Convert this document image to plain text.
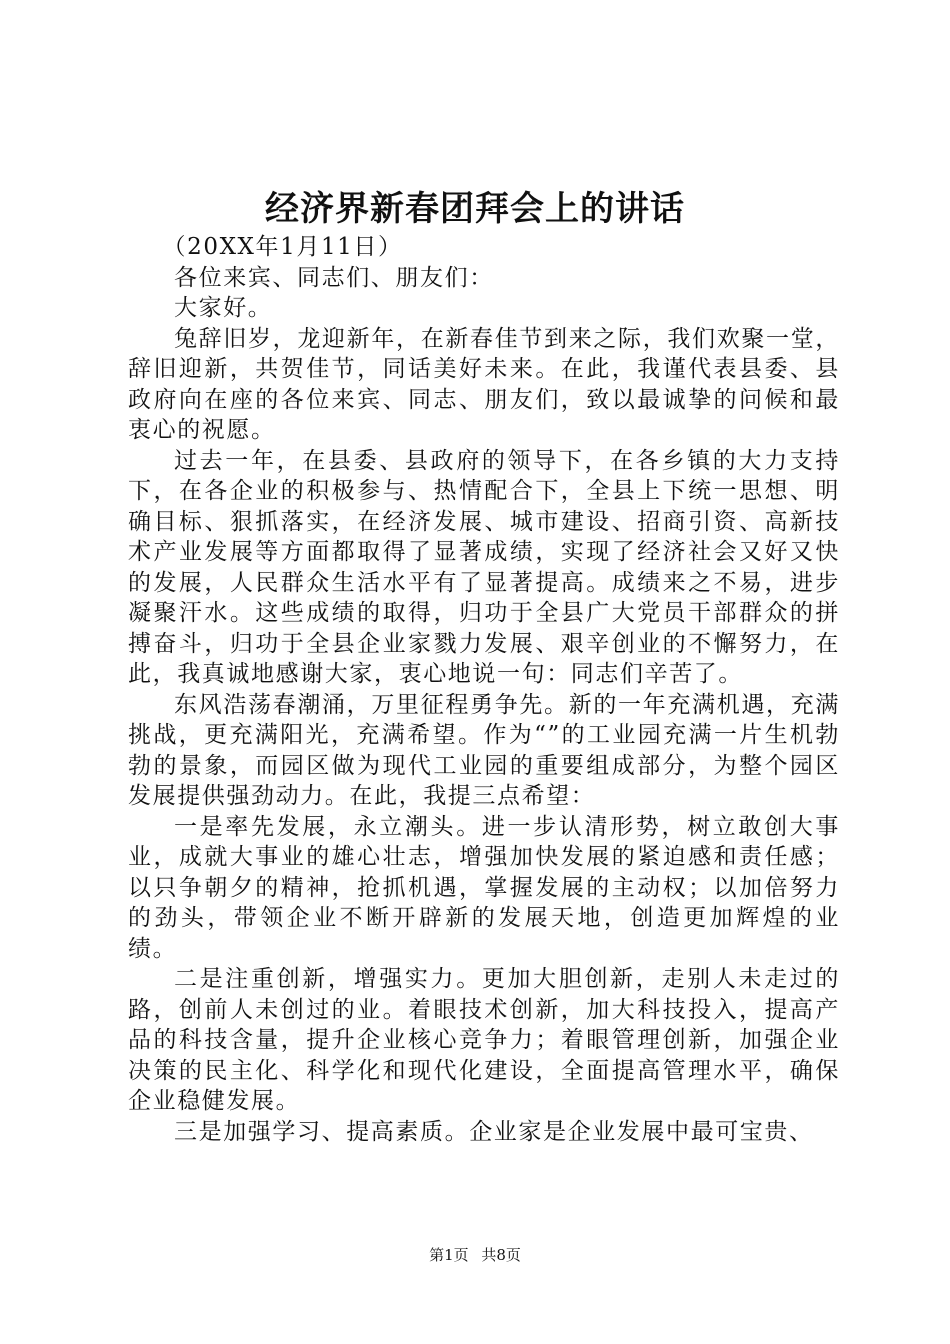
经济界新春团拜会上的讲话

（20XX年1月11日）

各位来宾、同志们、朋友们：

大家好。

兔辞旧岁，龙迎新年，在新春佳节到来之际，我们欢聚一堂，辞旧迎新，共贺佳节，同话美好未来。在此，我谨代表县委、县政府向在座的各位来宾、同志、朋友们，致以最诚挚的问候和最衷心的祝愿。

过去一年，在县委、县政府的领导下，在各乡镇的大力支持下，在各企业的积极参与、热情配合下，全县上下统一思想、明确目标、狠抓落实，在经济发展、城市建设、招商引资、高新技术产业发展等方面都取得了显著成绩，实现了经济社会又好又快的发展，人民群众生活水平有了显著提高。成绩来之不易，进步凝聚汗水。这些成绩的取得，归功于全县广大党员干部群众的拼搏奋斗，归功于全县企业家戮力发展、艰辛创业的不懈努力，在此，我真诚地感谢大家，衷心地说一句：同志们辛苦了。

东风浩荡春潮涌，万里征程勇争先。新的一年充满机遇，充满挑战，更充满阳光，充满希望。作为“”的工业园充满一片生机勃勃的景象，而园区做为现代工业园的重要组成部分，为整个园区发展提供强劲动力。在此，我提三点希望：

一是率先发展，永立潮头。进一步认清形势，树立敢创大事业，成就大事业的雄心壮志，增强加快发展的紧迫感和责任感；以只争朝夕的精神，抢抓机遇，掌握发展的主动权；以加倍努力的劲头，带领企业不断开辟新的发展天地，创造更加辉煌的业绩。

二是注重创新，增强实力。更加大胆创新，走别人未走过的路，创前人未创过的业。着眼技术创新，加大科技投入，提高产品的科技含量，提升企业核心竞争力；着眼管理创新，加强企业决策的民主化、科学化和现代化建设，全面提高管理水平，确保企业稳健发展。

三是加强学习、提高素质。企业家是企业发展中最可宝贵、

第1页 共8页
